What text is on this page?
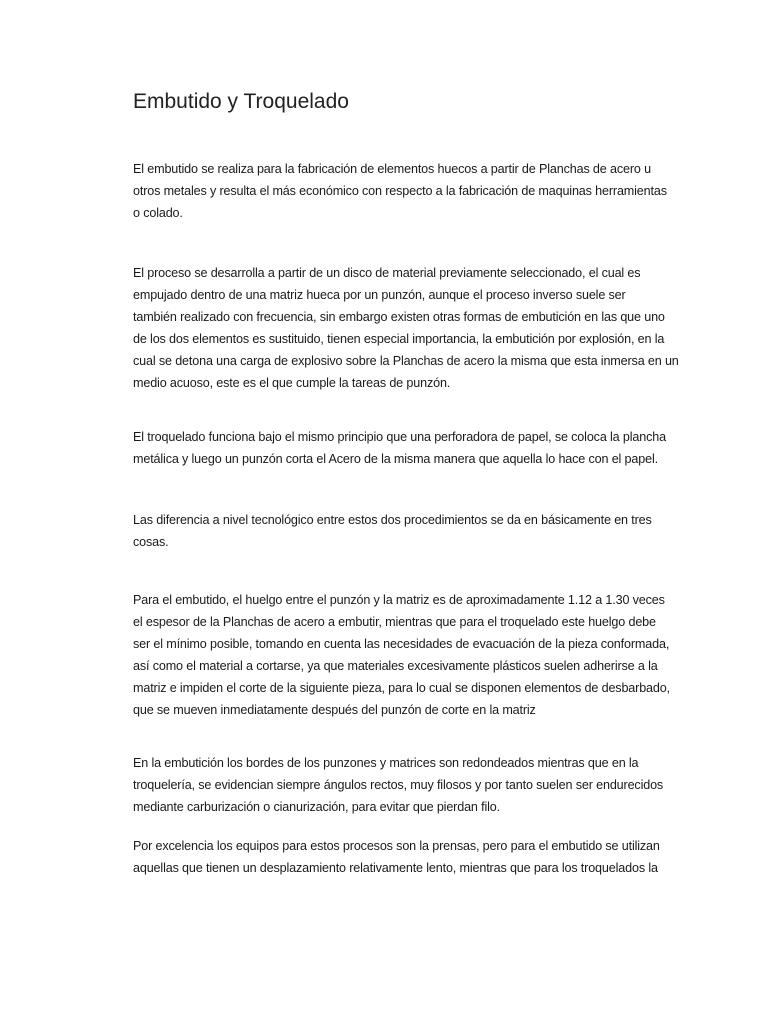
Embutido y Troquelado
El embutido se realiza para la fabricación de elementos huecos a partir de Planchas de acero u
otros metales y resulta el más económico con respecto a la fabricación de maquinas herramientas
o colado.
El proceso se desarrolla a partir de un disco de material previamente seleccionado, el cual es
empujado dentro de una matriz hueca por un punzón, aunque el proceso inverso suele ser
también realizado con frecuencia, sin embargo existen otras formas de embutición en las que uno
de los dos elementos es sustituido, tienen especial importancia, la embutición por explosión, en la
cual se detona una carga de explosivo sobre la Planchas de acero la misma que esta inmersa en un
medio acuoso, este es el que cumple la tareas de punzón.
El troquelado funciona bajo el mismo principio que una perforadora de papel, se coloca la plancha
metálica y luego un punzón corta el Acero de la misma manera que aquella lo hace con el papel.
Las diferencia a nivel tecnológico entre estos dos procedimientos se da en básicamente en tres
cosas.
Para el embutido, el huelgo entre el punzón y la matriz es de aproximadamente 1.12 a 1.30 veces
el espesor de la Planchas de acero a embutir, mientras que para el troquelado este huelgo debe
ser el mínimo posible, tomando en cuenta las necesidades de evacuación de la pieza conformada,
así como el material a cortarse, ya que materiales excesivamente plásticos suelen adherirse a la
matriz e impiden el corte de la siguiente pieza, para lo cual se disponen elementos de desbarbado,
que se mueven inmediatamente después del punzón de corte en la matriz
En la embutición los bordes de los punzones y matrices son redondeados mientras que en la
troquelería, se evidencian siempre ángulos rectos, muy filosos y por tanto suelen ser endurecidos
mediante carburización o cianurización, para evitar que pierdan filo.
Por excelencia los equipos para estos procesos son la prensas, pero para el embutido se utilizan
aquellas que tienen un desplazamiento relativamente lento, mientras que para los troquelados la
